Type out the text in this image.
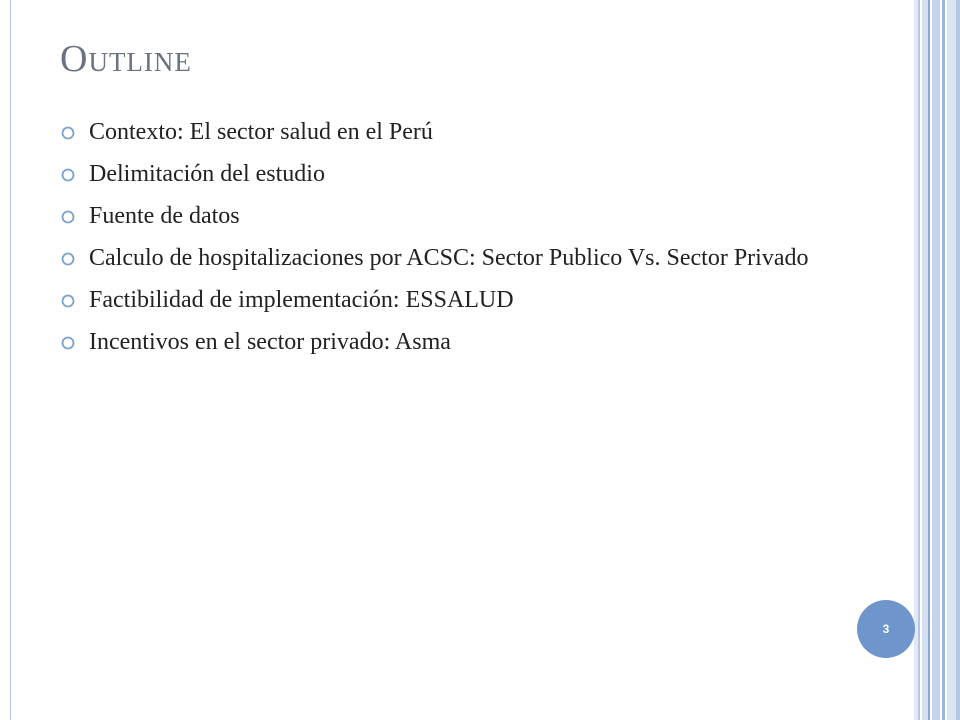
Outline
Contexto: El sector salud en el Perú
Delimitación del estudio
Fuente de datos
Calculo de hospitalizaciones por ACSC: Sector Publico Vs. Sector Privado
Factibilidad de implementación: ESSALUD
Incentivos en el sector privado: Asma
3
